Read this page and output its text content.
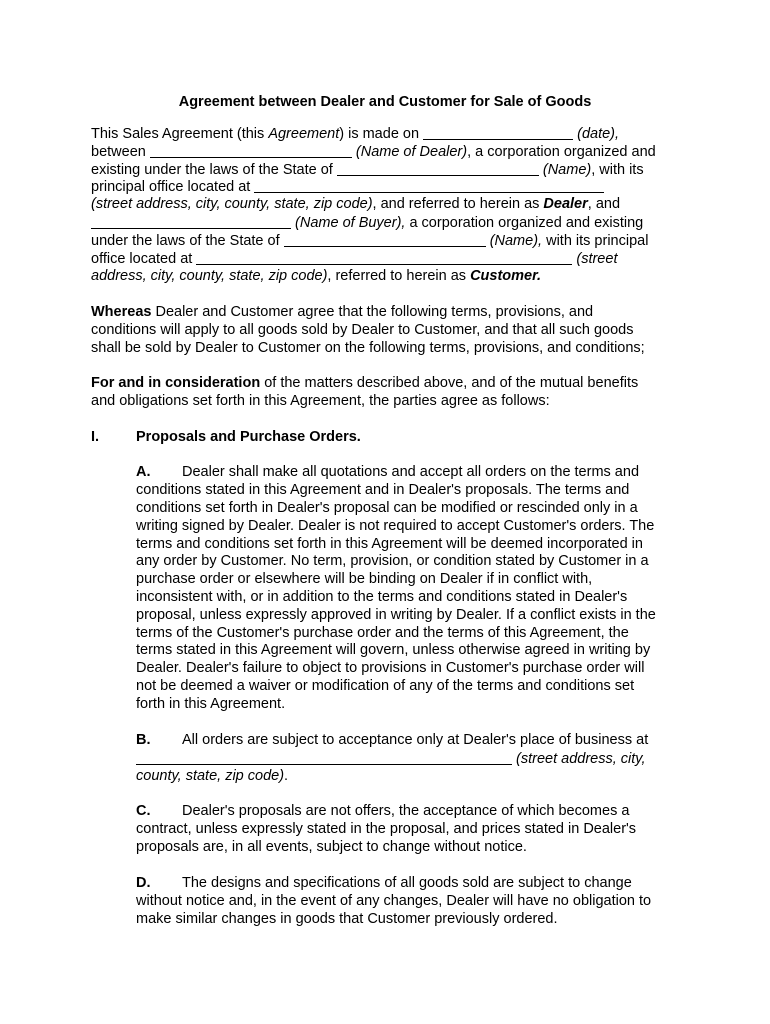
Agreement between Dealer and Customer for Sale of Goods
This Sales Agreement (this Agreement) is made on	(date),
between	(Name of Dealer), a corporation organized and
existing under the laws of the State of	(Name), with its
principal office located at
(street address, city, county, state, zip code), and referred to herein as Dealer, and
(Name of Buyer), a corporation organized and existing
under the laws of the State of	(Name), with its principal
office located at	(street
address, city, county, state, zip code), referred to herein as Customer.
Whereas Dealer and Customer agree that the following terms, provisions, and
conditions will apply to all goods sold by Dealer to Customer, and that all such goods
shall be sold by Dealer to Customer on the following terms, provisions, and conditions;
For and in consideration of the matters described above, and of the mutual benefits
and obligations set forth in this Agreement, the parties agree as follows:
I.	Proposals and Purchase Orders.
A. Dealer shall make all quotations and accept all orders on the terms and
conditions stated in this Agreement and in Dealer's proposals. The terms and
conditions set forth in Dealer's proposal can be modified or rescinded only in a
writing signed by Dealer. Dealer is not required to accept Customer's orders. The
terms and conditions set forth in this Agreement will be deemed incorporated in
any order by Customer. No term, provision, or condition stated by Customer in a
purchase order or elsewhere will be binding on Dealer if in conflict with,
inconsistent with, or in addition to the terms and conditions stated in Dealer's
proposal, unless expressly approved in writing by Dealer. If a conflict exists in the
terms of the Customer's purchase order and the terms of this Agreement, the
terms stated in this Agreement will govern, unless otherwise agreed in writing by
Dealer. Dealer's failure to object to provisions in Customer's purchase order will
not be deemed a waiver or modification of any of the terms and conditions set
forth in this Agreement.
B. All orders are subject to acceptance only at Dealer's place of business at
(street address, city,
county, state, zip code).
C. Dealer's proposals are not offers, the acceptance of which becomes a
contract, unless expressly stated in the proposal, and prices stated in Dealer's
proposals are, in all events, subject to change without notice.
D. The designs and specifications of all goods sold are subject to change
without notice and, in the event of any changes, Dealer will have no obligation to
make similar changes in goods that Customer previously ordered.
